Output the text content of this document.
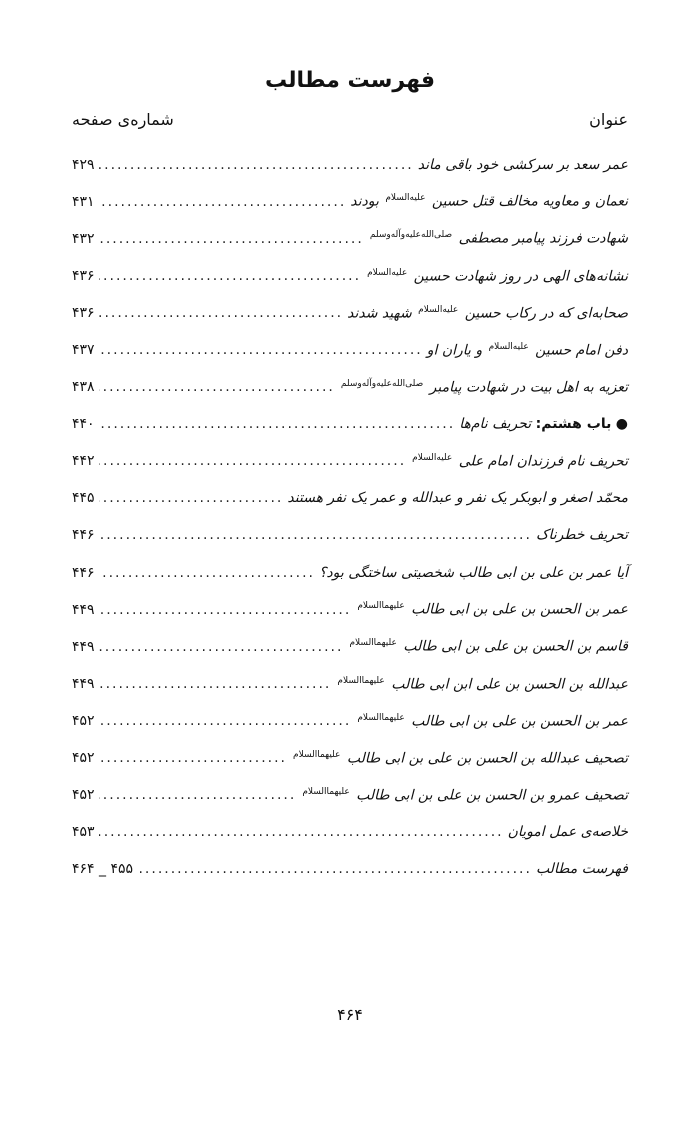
فهرست مطالب
عنوان
شماره‌ی صفحه
عمر سعد بر سرکشی خود باقی ماند
.....
۴۲۹
نعمان و معاویه مخالف قتل حسین $^{علیه‌السلام}$ بودند
.....
۴۳۱
شهادت فرزند پیامبر مصطفی $^{صلی‌الله‌علیه‌وآله‌وسلم}$
.....
۴۳۲
نشانه‌های الهی در روز شهادت حسین $^{علیه‌السلام}$
.....
۴۳۶
صحابه‌ای که در رکاب حسین $^{علیه‌السلام}$ شهید شدند
.....
۴۳۶
دفن امام حسین $^{علیه‌السلام}$ و یاران او
.....
۴۳۷
تعزیه به اهل بیت در شهادت پیامبر $^{صلی‌الله‌علیه‌وآله‌وسلم}$
.....
۴۳۸
● باب هشتم: تحریف نام‌ها
.....
۴۴۰
تحریف نام فرزندان امام علی $^{علیه‌السلام}$
.....
۴۴۲
محمّد اصغر و ابوبکر یک نفر و عبدالله و عمر یک نفر هستند
.....
۴۴۵
تحریف خطرناک
.....
۴۴۶
آیا عمر بن علی بن ابی طالب شخصیتی ساختگی بود؟
.....
۴۴۶
عمر بن الحسن بن علی بن ابی طالب $^{علیهما‌السلام}$
.....
۴۴۹
قاسم بن الحسن بن علی بن ابی طالب $^{علیهما‌السلام}$
.....
۴۴۹
عبدالله بن الحسن بن علی ابن ابی طالب $^{علیهما‌السلام}$
.....
۴۴۹
عمر بن الحسن بن علی بن ابی طالب $^{علیهما‌السلام}$
.....
۴۵۲
تصحیف عبدالله بن الحسن بن علی بن ابی طالب $^{علیهما‌السلام}$
.....
۴۵۲
تصحیف عمرو بن الحسن بن علی بن ابی طالب $^{علیهما‌السلام}$
.....
۴۵۲
خلاصه‌ی عمل امویان
.....
۴۵۳
فهرست مطالب
.....
۴۵۵ _ ۴۶۴
۴۶۴
